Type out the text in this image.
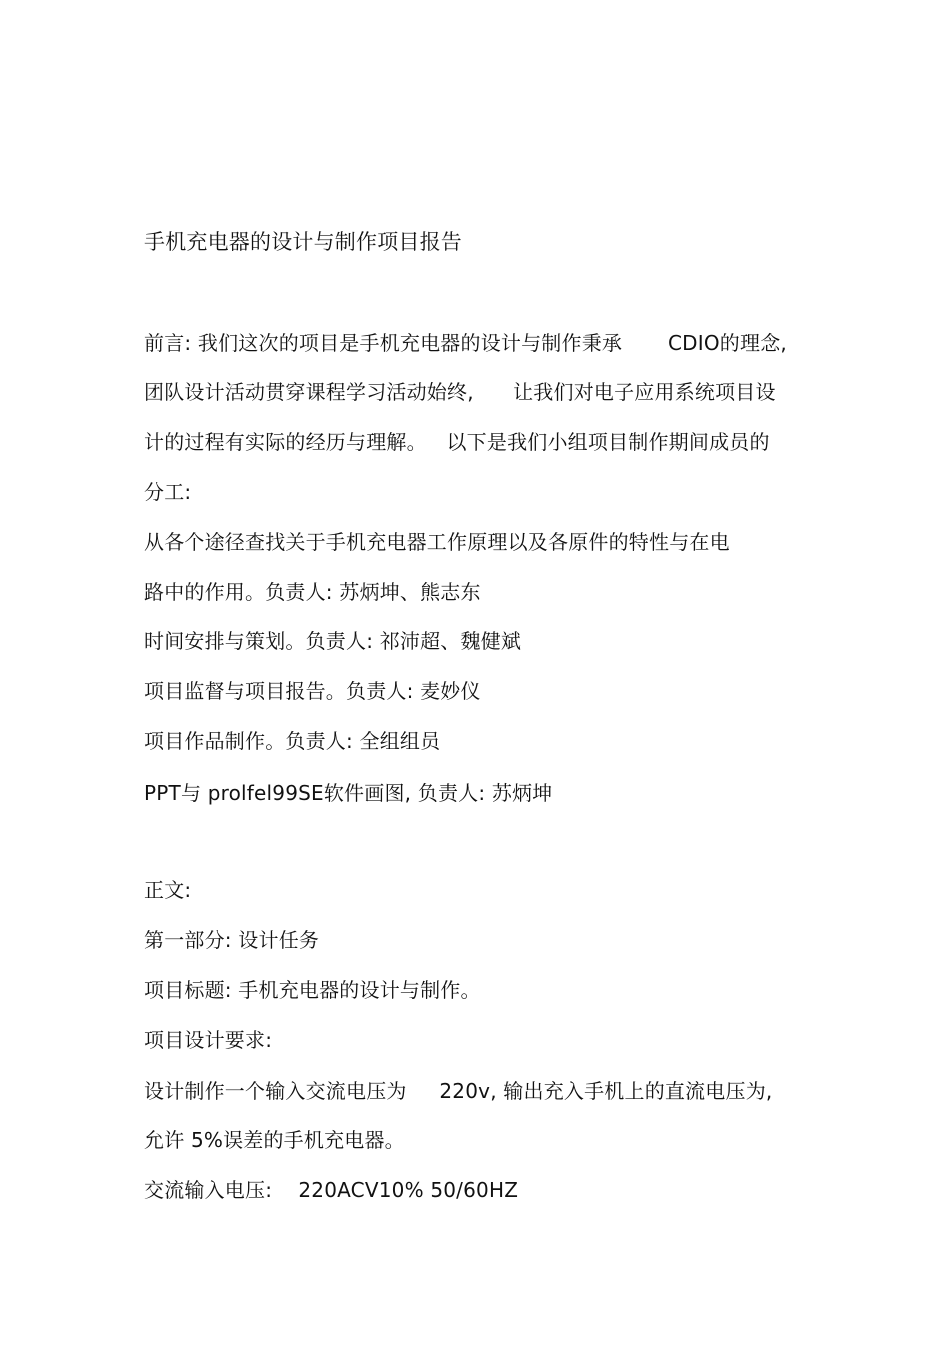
手机充电器的设计与制作项目报告
前言: 我们这次的项目是手机充电器的设计与制作秉承       CDIO的理念,
团队设计活动贯穿课程学习活动始终,      让我们对电子应用系统项目设
计的过程有实际的经历与理解。   以下是我们小组项目制作期间成员的
分工:
从各个途径查找关于手机充电器工作原理以及各原件的特性与在电
路中的作用。负责人: 苏炳坤、熊志东
时间安排与策划。负责人: 祁沛超、魏健斌
项目监督与项目报告。负责人: 麦妙仪
项目作品制作。负责人: 全组组员
PPT与 prolfel99SE软件画图, 负责人: 苏炳坤
正文:
第一部分: 设计任务
项目标题: 手机充电器的设计与制作。
项目设计要求:
设计制作一个输入交流电压为     220v, 输出充入手机上的直流电压为,
允许 5%误差的手机充电器。
交流输入电压:    220ACV10% 50/60HZ
